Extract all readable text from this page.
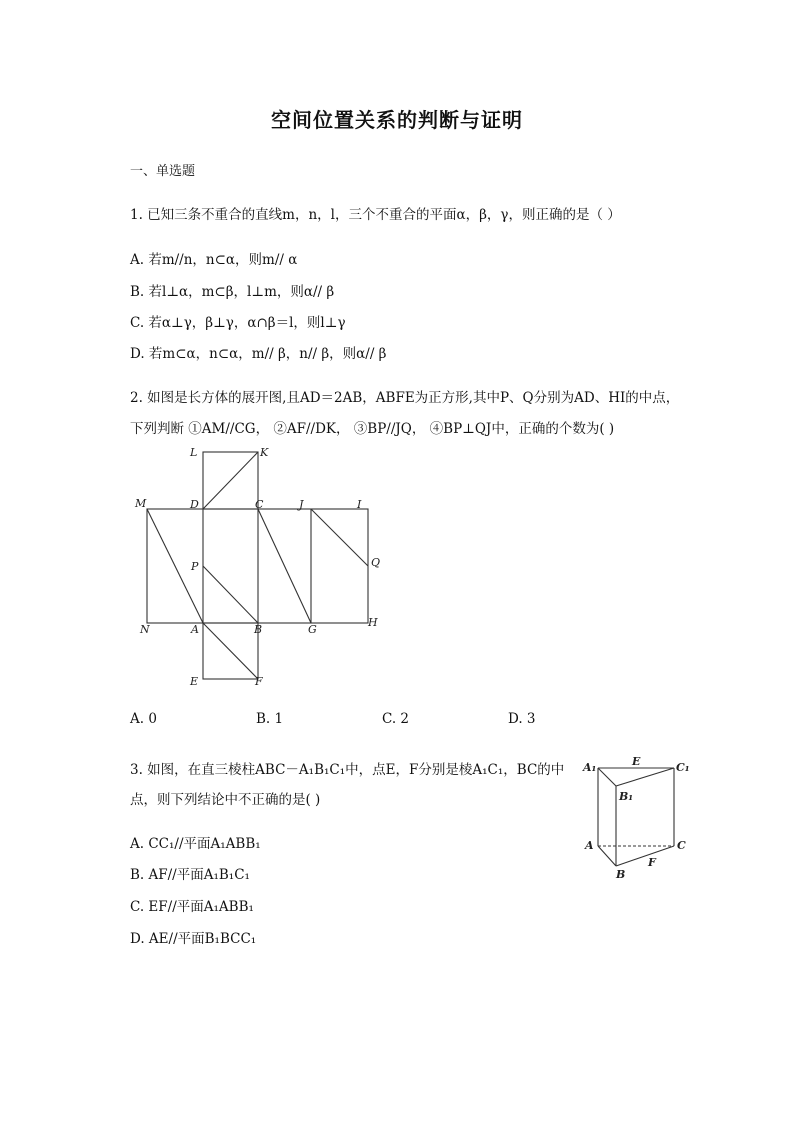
空间位置关系的判断与证明
一、单选题
1. 已知三条不重合的直线m，n，l，三个不重合的平面α，β，γ，则正确的是（ ）
A. 若m//n，n⊂α，则m// α
B. 若l⊥α，m⊂β，l⊥m，则α// β
C. 若α⊥γ，β⊥γ，α∩β＝l，则l⊥γ
D. 若m⊂α，n⊂α，m// β，n// β，则α// β
2. 如图是长方体的展开图,且AD＝2AB，ABFE为正方形,其中P、Q分别为AD、HI的中点，
下列判断 ①AM//CG， ②AF//DK， ③BP//JQ， ④BP⊥QJ中，正确的个数为( )
L	K
M	D	C	J	I
P	Q
N	A	B	G
H
E	F
A. 0	B. 1	C. 2	D. 3
3. 如图，在直三棱柱ABC－A₁B₁C₁中，点E，F分别是棱A₁C₁，BC的中
点，则下列结论中不正确的是( )
A₁	E	C₁
B₁
A	C
B
F
A. CC₁//平面A₁ABB₁
B. AF//平面A₁B₁C₁
C. EF//平面A₁ABB₁
D. AE//平面B₁BCC₁
